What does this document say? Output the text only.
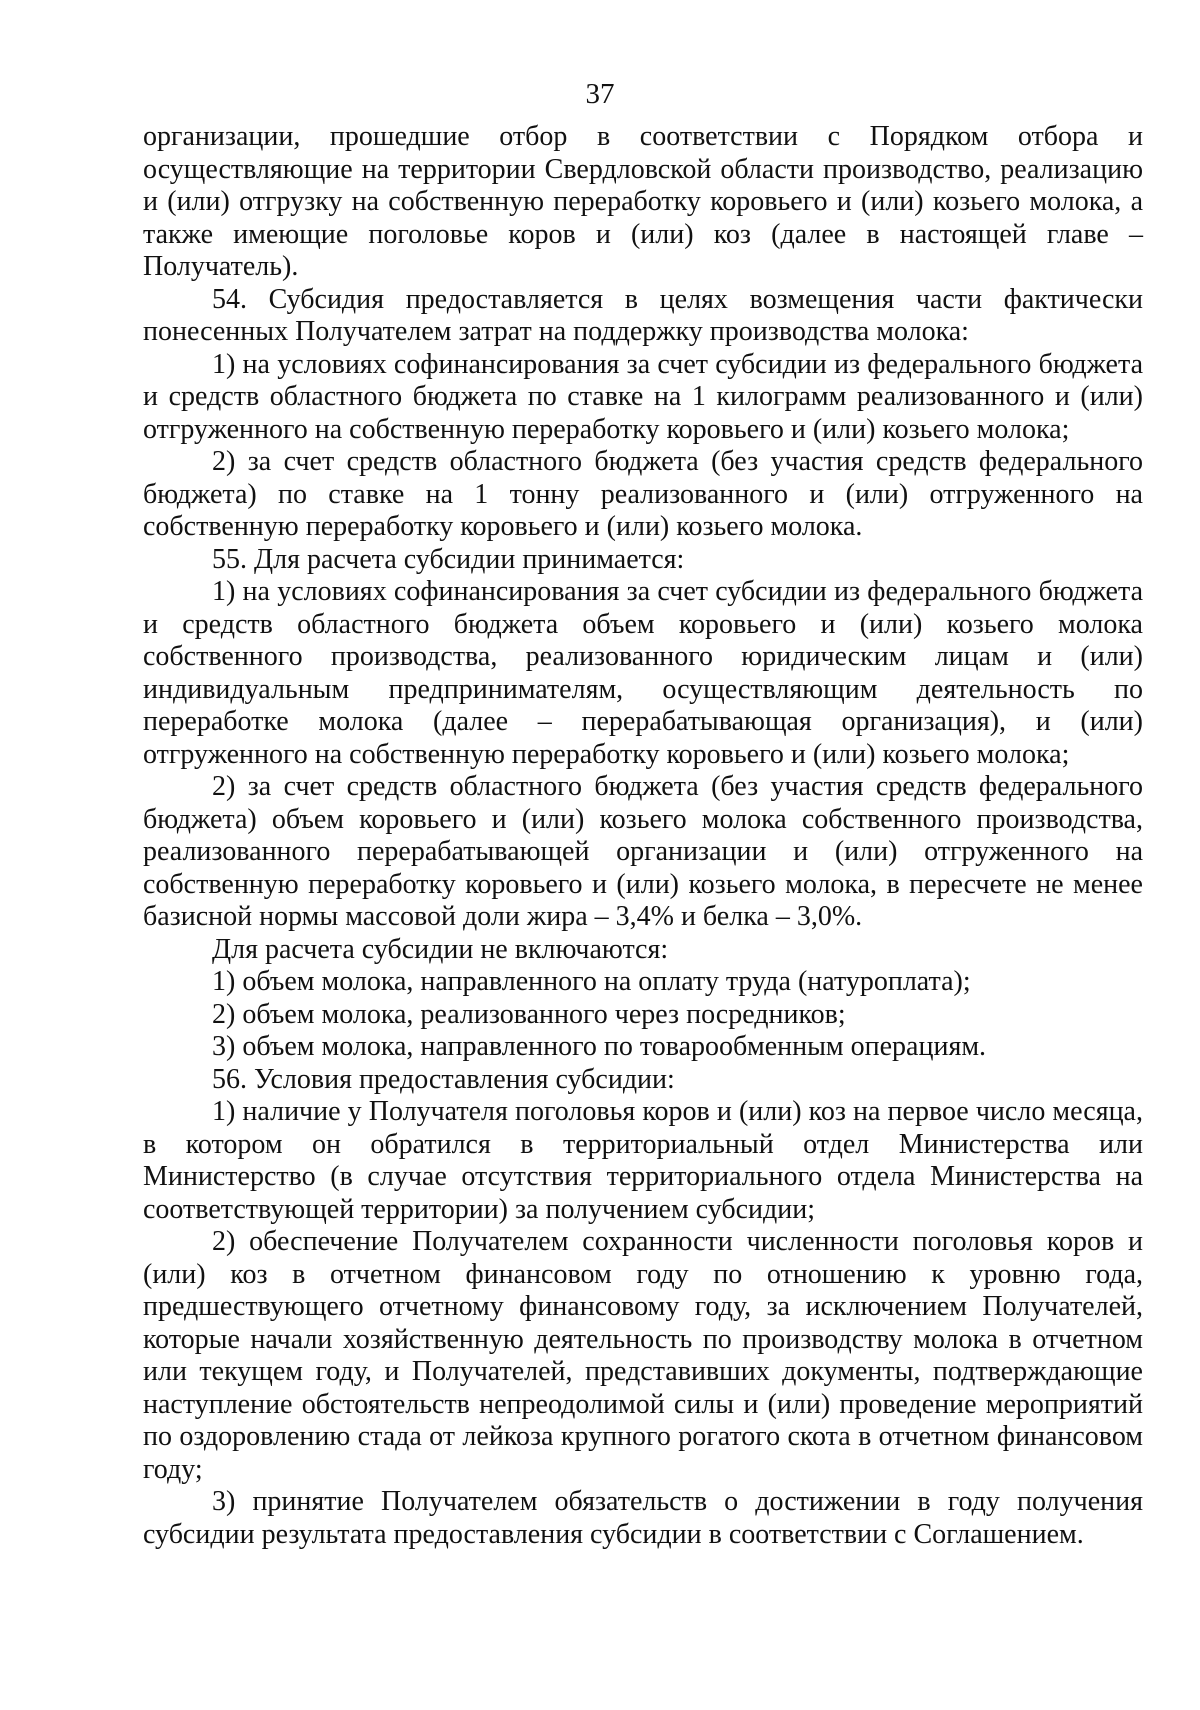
37

организации, прошедшие отбор в соответствии с Порядком отбора и осуществляющие на территории Свердловской области производство, реализацию и (или) отгрузку на собственную переработку коровьего и (или) козьего молока, а также имеющие поголовье коров и (или) коз (далее в настоящей главе – Получатель).

54. Субсидия предоставляется в целях возмещения части фактически понесенных Получателем затрат на поддержку производства молока:

1) на условиях софинансирования за счет субсидии из федерального бюджета и средств областного бюджета по ставке на 1 килограмм реализованного и (или) отгруженного на собственную переработку коровьего и (или) козьего молока;

2) за счет средств областного бюджета (без участия средств федерального бюджета) по ставке на 1 тонну реализованного и (или) отгруженного на собственную переработку коровьего и (или) козьего молока.

55. Для расчета субсидии принимается:

1) на условиях софинансирования за счет субсидии из федерального бюджета и средств областного бюджета объем коровьего и (или) козьего молока собственного производства, реализованного юридическим лицам и (или) индивидуальным предпринимателям, осуществляющим деятельность по переработке молока (далее – перерабатывающая организация), и (или) отгруженного на собственную переработку коровьего и (или) козьего молока;

2) за счет средств областного бюджета (без участия средств федерального бюджета) объем коровьего и (или) козьего молока собственного производства, реализованного перерабатывающей организации и (или) отгруженного на собственную переработку коровьего и (или) козьего молока, в пересчете не менее базисной нормы массовой доли жира – 3,4% и белка – 3,0%.

Для расчета субсидии не включаются:

1) объем молока, направленного на оплату труда (натуроплата);

2) объем молока, реализованного через посредников;

3) объем молока, направленного по товарообменным операциям.

56. Условия предоставления субсидии:

1) наличие у Получателя поголовья коров и (или) коз на первое число месяца, в котором он обратился в территориальный отдел Министерства или Министерство (в случае отсутствия территориального отдела Министерства на соответствующей территории) за получением субсидии;

2) обеспечение Получателем сохранности численности поголовья коров и (или) коз в отчетном финансовом году по отношению к уровню года, предшествующего отчетному финансовому году, за исключением Получателей, которые начали хозяйственную деятельность по производству молока в отчетном или текущем году, и Получателей, представивших документы, подтверждающие наступление обстоятельств непреодолимой силы и (или) проведение мероприятий по оздоровлению стада от лейкоза крупного рогатого скота в отчетном финансовом году;

3) принятие Получателем обязательств о достижении в году получения субсидии результата предоставления субсидии в соответствии с Соглашением.
